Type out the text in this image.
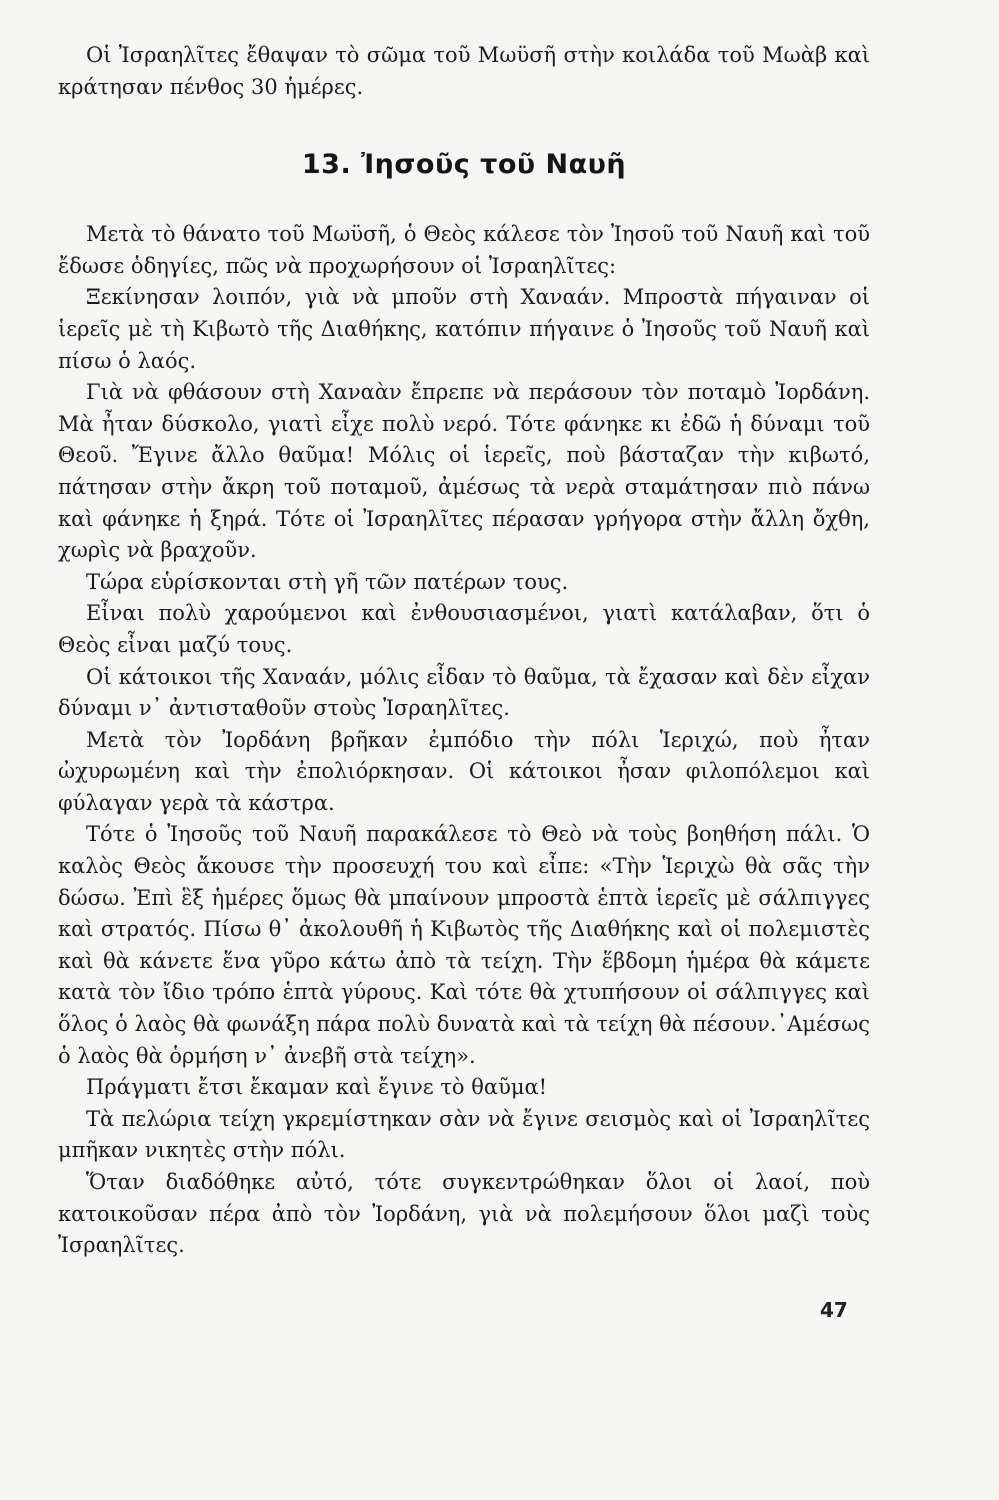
Οἱ Ἰσραηλῖτες ἔθαψαν τὸ σῶμα τοῦ Μωϋσῆ στὴν κοιλάδα τοῦ Μωὰβ καὶ κράτησαν πένθος 30 ἡμέρες.

13. Ἰησοῦς τοῦ Ναυῆ

Μετὰ τὸ θάνατο τοῦ Μωϋσῆ, ὁ Θεὸς κάλεσε τὸν Ἰησοῦ τοῦ Ναυῆ καὶ τοῦ ἔδωσε ὁδηγίες, πῶς νὰ προχωρήσουν οἱ Ἰσραηλῖτες:

Ξεκίνησαν λοιπόν, γιὰ νὰ μποῦν στὴ Χαναάν. Μπροστὰ πήγαιναν οἱ ἱερεῖς μὲ τὴ Κιβωτὸ τῆς Διαθήκης, κατόπιν πήγαινε ὁ Ἰησοῦς τοῦ Ναυῆ καὶ πίσω ὁ λαός.

Γιὰ νὰ φθάσουν στὴ Χαναὰν ἔπρεπε νὰ περάσουν τὸν ποταμὸ Ἰορδάνη. Μὰ ἦταν δύσκολο, γιατὶ εἶχε πολὺ νερό. Τότε φάνηκε κι ἐδῶ ἡ δύναμι τοῦ Θεοῦ. Ἔγινε ἄλλο θαῦμα! Μόλις οἱ ἱερεῖς, ποὺ βάσταζαν τὴν κιβωτό, πάτησαν στὴν ἄκρη τοῦ ποταμοῦ, ἀμέσως τὰ νερὰ σταμάτησαν πιὸ πάνω καὶ φάνηκε ἡ ξηρά. Τότε οἱ Ἰσραηλῖτες πέρασαν γρήγορα στὴν ἄλλη ὄχθη, χωρὶς νὰ βραχοῦν.

Τώρα εὑρίσκονται στὴ γῆ τῶν πατέρων τους.

Εἶναι πολὺ χαρούμενοι καὶ ἐνθουσιασμένοι, γιατὶ κατάλαβαν, ὅτι ὁ Θεὸς εἶναι μαζύ τους.

Οἱ κάτοικοι τῆς Χαναάν, μόλις εἶδαν τὸ θαῦμα, τὰ ἔχασαν καὶ δὲν εἶχαν δύναμι ν᾿ ἀντισταθοῦν στοὺς Ἰσραηλῖτες.

Μετὰ τὸν Ἰορδάνη βρῆκαν ἐμπόδιο τὴν πόλι Ἱεριχώ, ποὺ ἦταν ὠχυρωμένη καὶ τὴν ἐπολιόρκησαν. Οἱ κάτοικοι ἦσαν φιλοπόλεμοι καὶ φύλαγαν γερὰ τὰ κάστρα.

Τότε ὁ Ἰησοῦς τοῦ Ναυῆ παρακάλεσε τὸ Θεὸ νὰ τοὺς βοηθήση πάλι. Ὁ καλὸς Θεὸς ἄκουσε τὴν προσευχή του καὶ εἶπε: «Τὴν Ἱεριχὼ θὰ σᾶς τὴν δώσω. Ἐπὶ ἓξ ἡμέρες ὅμως θὰ μπαίνουν μπροστὰ ἑπτὰ ἱερεῖς μὲ σάλπιγγες καὶ στρατός. Πίσω θ᾿ ἀκολουθῆ ἡ Κιβωτὸς τῆς Διαθήκης καὶ οἱ πολεμιστὲς καὶ θὰ κάνετε ἕνα γῦρο κάτω ἀπὸ τὰ τείχη. Τὴν ἕβδομη ἡμέρα θὰ κάμετε κατὰ τὸν ἴδιο τρόπο ἑπτὰ γύρους. Καὶ τότε θὰ χτυπήσουν οἱ σάλπιγγες καὶ ὅλος ὁ λαὸς θὰ φωνάξη πάρα πολὺ δυνατὰ καὶ τὰ τείχη θὰ πέσουν.᾿Αμέσως ὁ λαὸς θὰ ὁρμήση ν᾿ ἀνεβῆ στὰ τείχη».

Πράγματι ἔτσι ἔκαμαν καὶ ἔγινε τὸ θαῦμα!

Τὰ πελώρια τείχη γκρεμίστηκαν σὰν νὰ ἔγινε σεισμὸς καὶ οἱ Ἰσραηλῖτες μπῆκαν νικητὲς στὴν πόλι.

Ὅταν διαδόθηκε αὐτό, τότε συγκεντρώθηκαν ὅλοι οἱ λαοί, ποὺ κατοικοῦσαν πέρα ἀπὸ τὸν Ἰορδάνη, γιὰ νὰ πολεμήσουν ὅλοι μαζὶ τοὺς Ἰσραηλῖτες.

47
